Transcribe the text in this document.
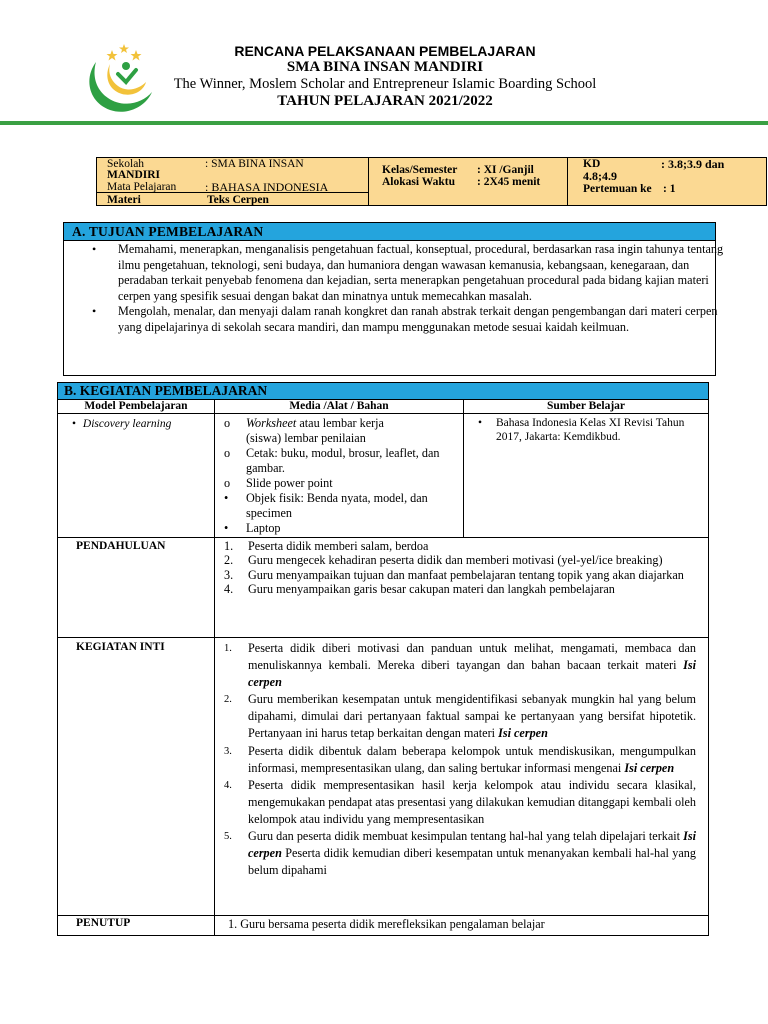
RENCANA PELAKSANAAN PEMBELAJARAN
SMA BINA INSAN MANDIRI
The Winner, Moslem Scholar and Entrepreneur Islamic Boarding School
TAHUN PELAJARAN 2021/2022
Sekolah	: SMA BINA INSAN
MANDIRI
Mata Pelajaran : BAHASA INDONESIA
Materi	Teks Cerpen
Kelas/Semester : XI /Ganjil
Alokasi Waktu : 2X45 menit
KD	: 3.8;3.9 dan
4.8;4.9
Pertemuan ke : 1
A. TUJUAN PEMBELAJARAN
• Memahami, menerapkan, menganalisis pengetahuan factual, konseptual, procedural, berdasarkan rasa ingin tahunya tentang ilmu pengetahuan, teknologi, seni budaya, dan humaniora dengan wawasan kemanusia, kebangsaan, kenegaraan, dan peradaban terkait penyebab fenomena dan kejadian, serta menerapkan pengetahuan procedural pada bidang kajian materi cerpen yang spesifik sesuai dengan bakat dan minatnya untuk memecahkan masalah.
• Mengolah, menalar, dan menyaji dalam ranah kongkret dan ranah abstrak terkait dengan pengembangan dari materi cerpen yang dipelajarinya di sekolah secara mandiri, dan mampu menggunakan metode sesuai kaidah keilmuan.
B. KEGIATAN PEMBELAJARAN
Model Pembelajaran	Media /Alat / Bahan	Sumber Belajar
• Discovery learning	o Worksheet atau lembar kerja
(siswa) lembar penilaian
o Cetak: buku, modul, brosur, leaflet, dan gambar.
o Slide power point
• Objek fisik: Benda nyata, model, dan specimen
• Laptop
•	Bahasa Indonesia Kelas XI Revisi Tahun 2017, Jakarta: Kemdikbud.
PENDAHULUAN	1. Peserta didik memberi salam, berdoa
2. Guru mengecek kehadiran peserta didik dan memberi motivasi (yel-yel/ice breaking)
3. Guru menyampaikan tujuan dan manfaat pembelajaran tentang topik yang akan diajarkan
4. Guru menyampaikan garis besar cakupan materi dan langkah pembelajaran
KEGIATAN INTI	1. Peserta didik diberi motivasi dan panduan untuk melihat, mengamati, membaca dan menuliskannya kembali. Mereka diberi tayangan dan bahan bacaan terkait materi Isi cerpen
2. Guru memberikan kesempatan untuk mengidentifikasi sebanyak mungkin hal yang belum dipahami, dimulai dari pertanyaan faktual sampai ke pertanyaan yang bersifat hipotetik. Pertanyaan ini harus tetap berkaitan dengan materi Isi cerpen
3. Peserta didik dibentuk dalam beberapa kelompok untuk mendiskusikan, mengumpulkan informasi, mempresentasikan ulang, dan saling bertukar informasi mengenai Isi cerpen
4. Peserta didik mempresentasikan hasil kerja kelompok atau individu secara klasikal, mengemukakan pendapat atas presentasi yang dilakukan kemudian ditanggapi kembali oleh kelompok atau individu yang mempresentasikan
5. Guru dan peserta didik membuat kesimpulan tentang hal-hal yang telah dipelajari terkait Isi cerpen Peserta didik kemudian diberi kesempatan untuk menanyakan kembali hal-hal yang belum dipahami
PENUTUP	1. Guru bersama peserta didik merefleksikan pengalaman belajar
